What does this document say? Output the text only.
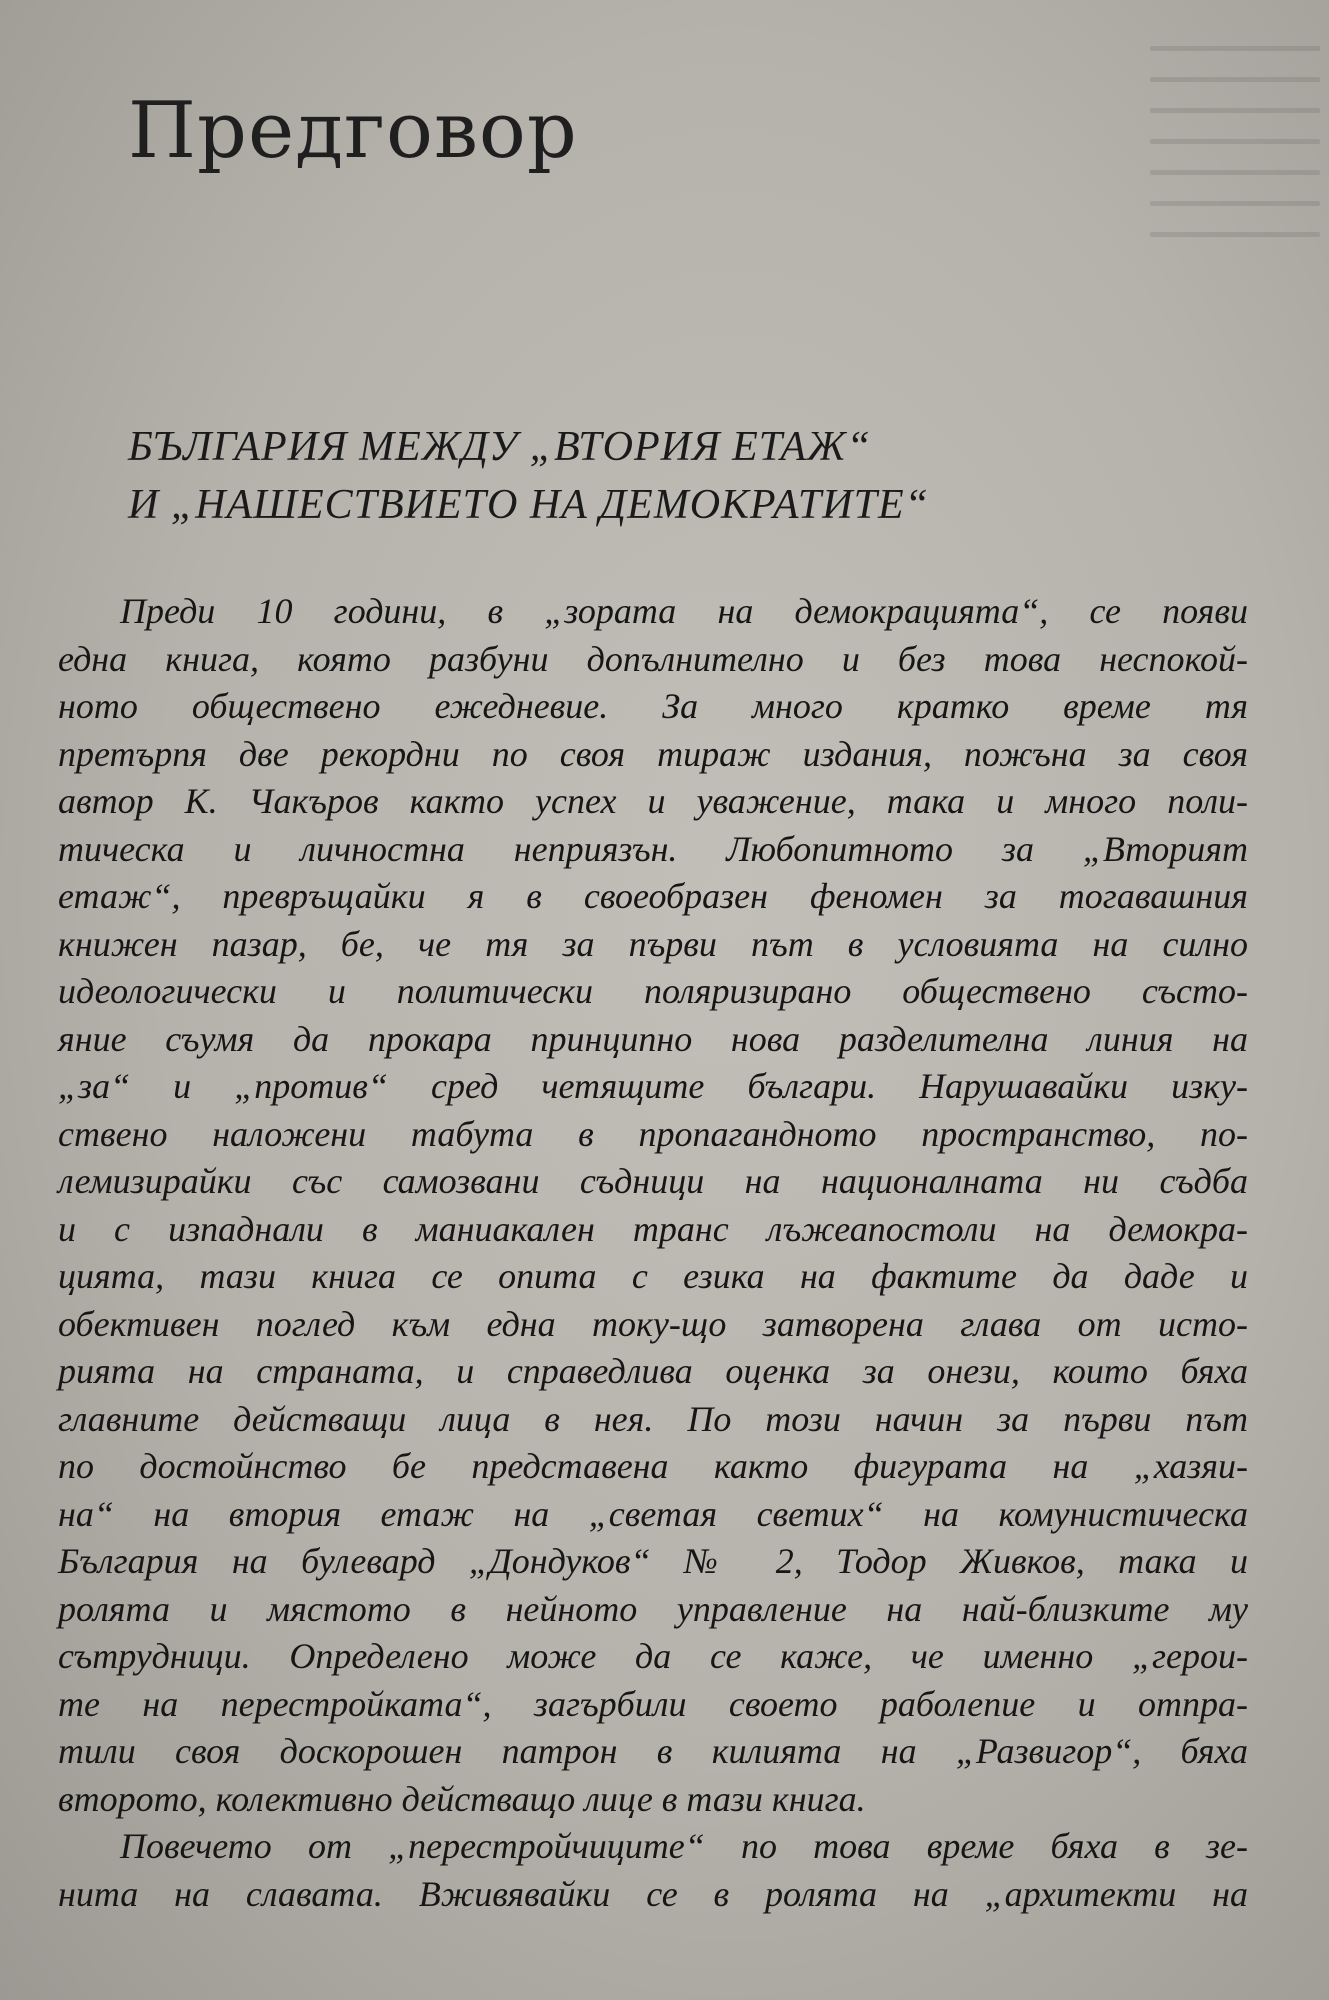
Предговор
БЪЛГАРИЯ МЕЖДУ „ВТОРИЯ ЕТАЖ“
И „НАШЕСТВИЕТО НА ДЕМОКРАТИТЕ“
Преди 10 години, в „зората на демокрацията“, се появи
една книга, която разбуни допълнително и без това неспокой-
ното обществено ежедневие. За много кратко време тя
претърпя две рекордни по своя тираж издания, пожъна за своя
автор К. Чакъров както успех и уважение, така и много поли-
тическа и личностна неприязън. Любопитното за „Вторият
етаж“, превръщайки я в своеобразен феномен за тогавашния
книжен пазар, бе, че тя за първи път в условията на силно
идеологически и политически поляризирано обществено състо-
яние съумя да прокара принципно нова разделителна линия на
„за“ и „против“ сред четящите българи. Нарушавайки изку-
ствено наложени табута в пропагандното пространство, по-
лемизирайки със самозвани съдници на националната ни съдба
и с изпаднали в маниакален транс лъжеапостоли на демокра-
цията, тази книга се опита с езика на фактите да даде и
обективен поглед към една току-що затворена глава от исто-
рията на страната, и справедлива оценка за онези, които бяха
главните действащи лица в нея. По този начин за първи път
по достойнство бе представена както фигурата на „хазяи-
на“ на втория етаж на „светая светих“ на комунистическа
България на булевард „Дондуков“ № 2, Тодор Живков, така и
ролята и мястото в нейното управление на най-близките му
сътрудници. Определено може да се каже, че именно „герои-
те на перестройката“, загърбили своето раболепие и отпра-
тили своя доскорошен патрон в килията на „Развигор“, бяха
второто, колективно действащо лице в тази книга.
Повечето от „перестройчиците“ по това време бяха в зе-
нита на славата. Вживявайки се в ролята на „архитекти на
